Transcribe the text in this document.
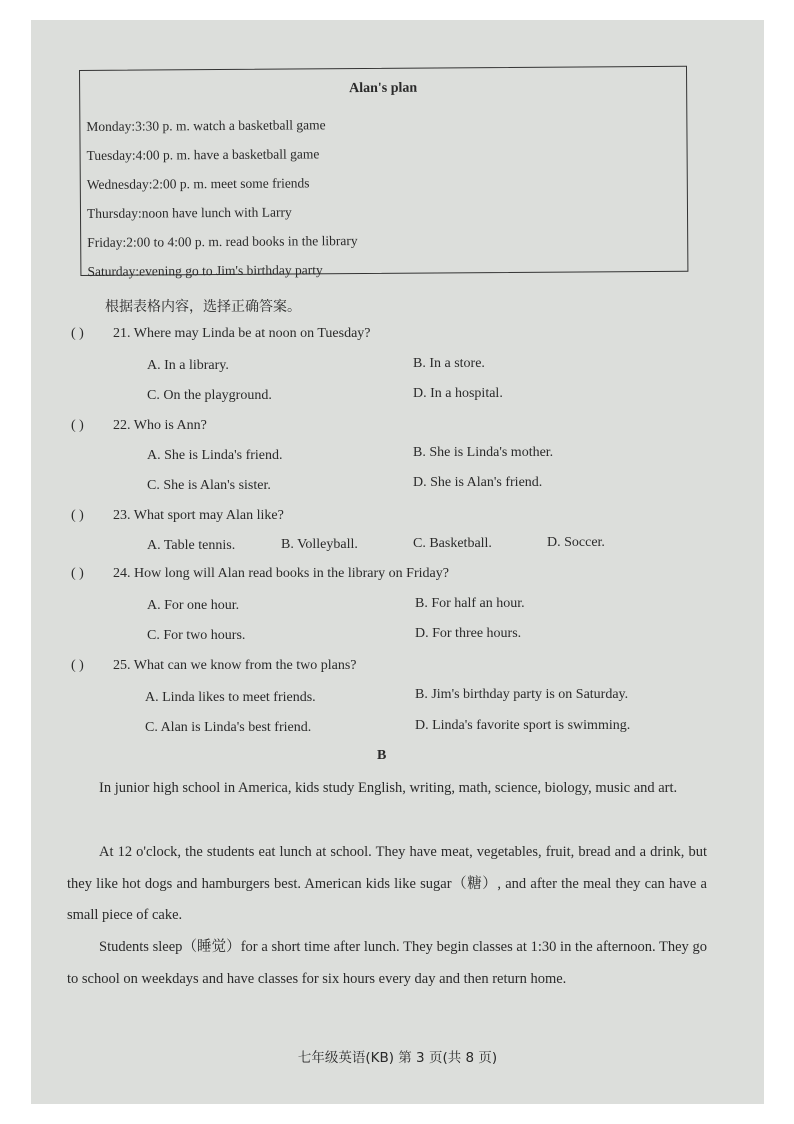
Alan's plan
Monday:3:30 p. m. watch a basketball game
Tuesday:4:00 p. m. have a basketball game
Wednesday:2:00 p. m. meet some friends
Thursday:noon have lunch with Larry
Friday:2:00 to 4:00 p. m. read books in the library
Saturday:evening go to Jim's birthday party
根据表格内容，选择正确答案。
( ) 21. Where may Linda be at noon on Tuesday?
A. In a library.	B. In a store.
C. On the playground.	D. In a hospital.
( ) 22. Who is Ann?
A. She is Linda's friend.	B. She is Linda's mother.
C. She is Alan's sister.	D. She is Alan's friend.
( ) 23. What sport may Alan like?
A. Table tennis.	B. Volleyball.	C. Basketball.	D. Soccer.
( ) 24. How long will Alan read books in the library on Friday?
A. For one hour.	B. For half an hour.
C. For two hours.	D. For three hours.
( ) 25. What can we know from the two plans?
A. Linda likes to meet friends.	B. Jim's birthday party is on Saturday.
C. Alan is Linda's best friend.	D. Linda's favorite sport is swimming.
B
In junior high school in America, kids study English, writing, math, science, biology, music and art.
At 12 o'clock, the students eat lunch at school. They have meat, vegetables, fruit, bread and a drink, but they like hot dogs and hamburgers best. American kids like sugar（糖）, and after the meal they can have a small piece of cake.
Students sleep（睡觉）for a short time after lunch. They begin classes at 1:30 in the afternoon. They go to school on weekdays and have classes for six hours every day and then return home.
七年级英语(KB) 第 3 页(共 8 页)
